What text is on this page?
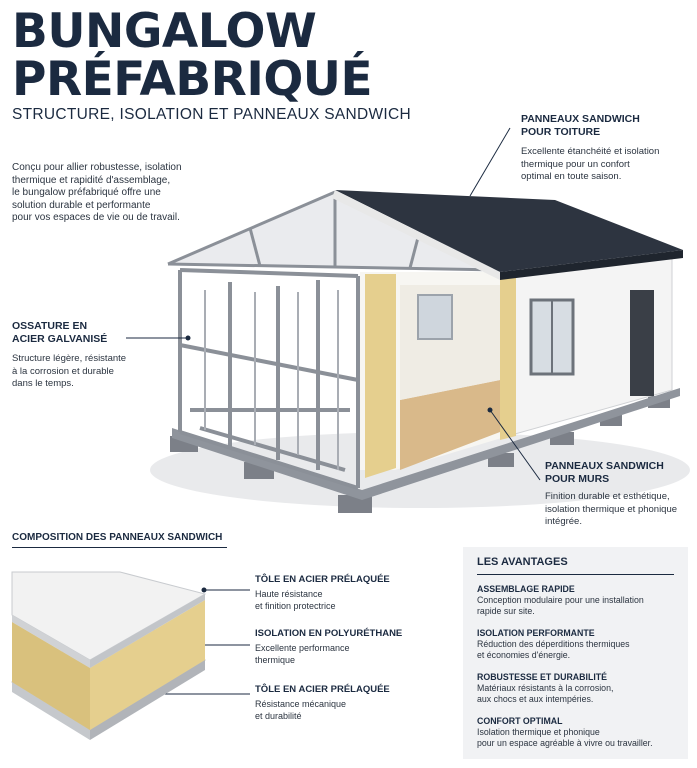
BUNGALOW
PRÉFABRIQUÉ
STRUCTURE, ISOLATION ET PANNEAUX SANDWICH
Conçu pour allier robustesse, isolation
thermique et rapidité d'assemblage,
le bungalow préfabriqué offre une
solution durable et performante
pour vos espaces de vie ou de travail.
PANNEAUX SANDWICH
POUR TOITURE
Excellente étanchéité et isolation
thermique pour un confort
optimal en toute saison.
OSSATURE EN
ACIER GALVANISÉ
Structure légère, résistante
à la corrosion et durable
dans le temps.
PANNEAUX SANDWICH
POUR MURS
Finition durable et esthétique,
isolation thermique et phonique
intégrée.
COMPOSITION DES PANNEAUX SANDWICH
TÔLE EN ACIER PRÉLAQUÉE
Haute résistance
et finition protectrice
ISOLATION EN POLYURÉTHANE
Excellente performance
thermique
TÔLE EN ACIER PRÉLAQUÉE
Résistance mécanique
et durabilité
LES AVANTAGES
ASSEMBLAGE RAPIDE
Conception modulaire pour une installation
rapide sur site.
ISOLATION PERFORMANTE
Réduction des déperditions thermiques
et économies d'énergie.
ROBUSTESSE ET DURABILITÉ
Matériaux résistants à la corrosion,
aux chocs et aux intempéries.
CONFORT OPTIMAL
Isolation thermique et phonique
pour un espace agréable à vivre ou travailler.
